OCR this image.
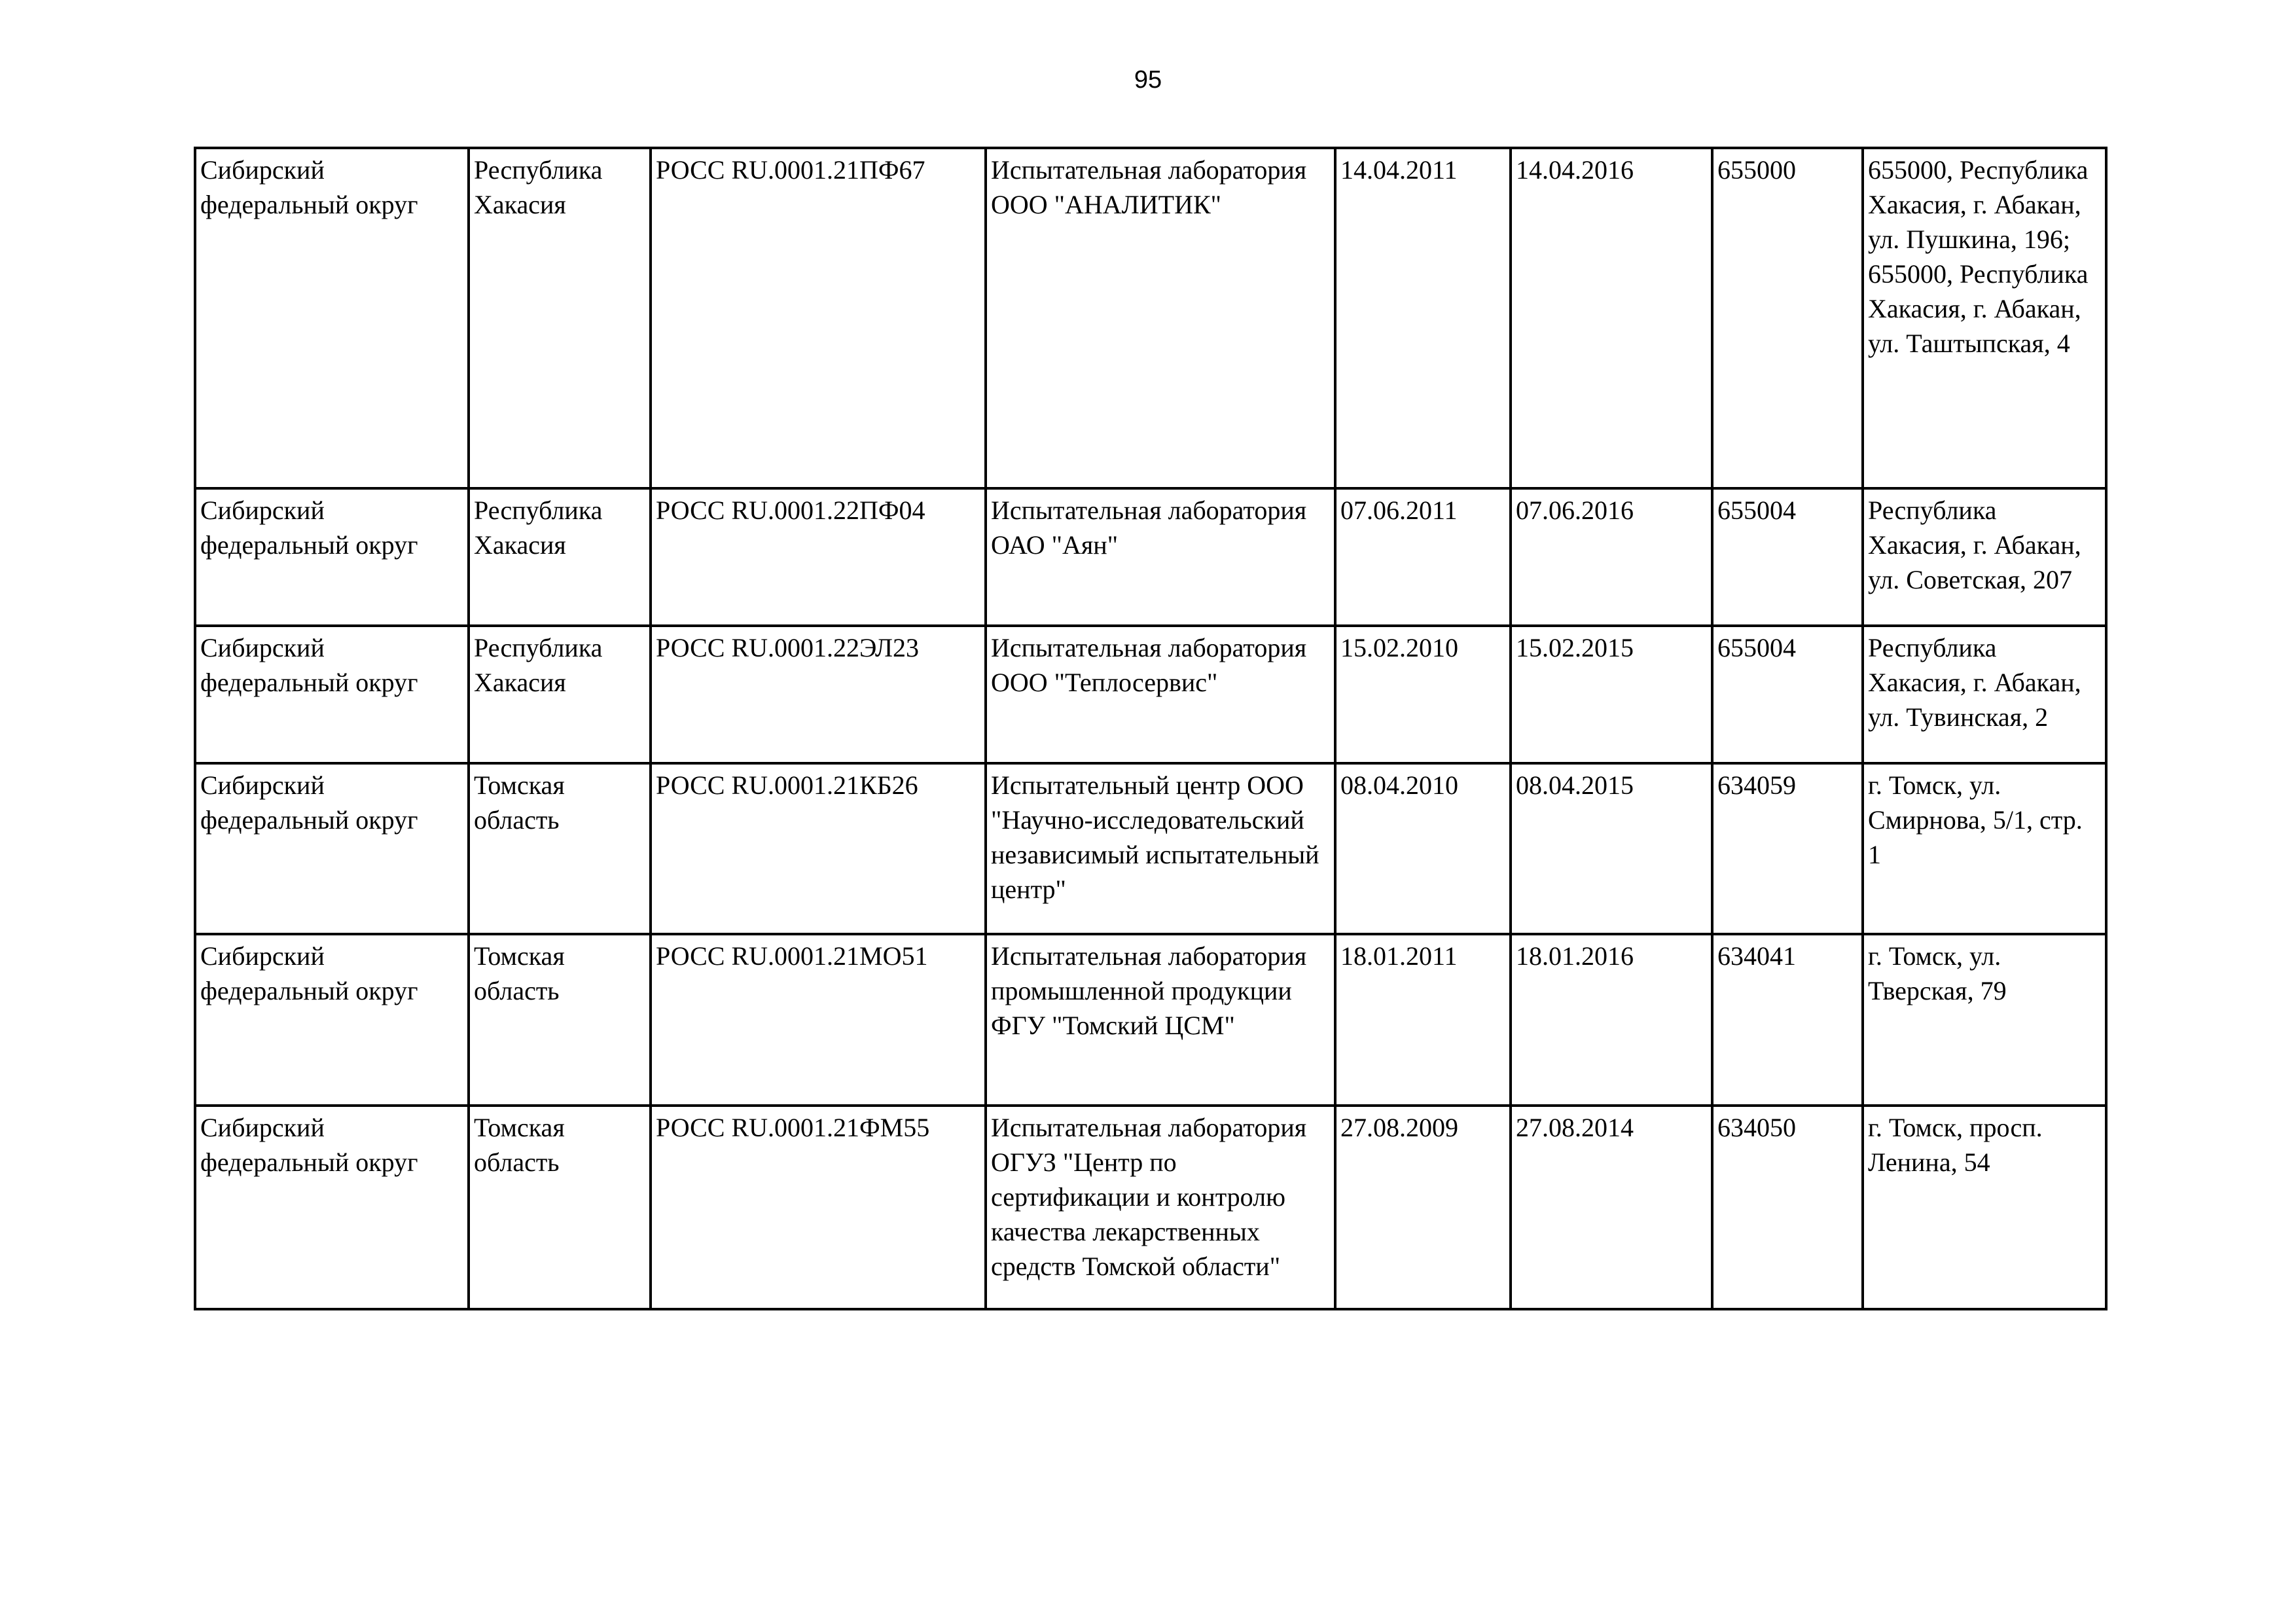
95
Сибирский федеральный округ	Республика Хакасия	РОСС RU.0001.21ПФ67	Испытательная лаборатория ООО "АНАЛИТИК"	14.04.2011	14.04.2016	655000	655000, Республика Хакасия, г. Абакан, ул. Пушкина, 196; 655000, Республика Хакасия, г. Абакан, ул. Таштыпская, 4
Сибирский федеральный округ	Республика Хакасия	РОСС RU.0001.22ПФ04	Испытательная лаборатория ОАО "Аян"	07.06.2011	07.06.2016	655004	Республика Хакасия, г. Абакан, ул. Советская, 207
Сибирский федеральный округ	Республика Хакасия	РОСС RU.0001.22ЭЛ23	Испытательная лаборатория ООО "Теплосервис"	15.02.2010	15.02.2015	655004	Республика Хакасия, г. Абакан, ул. Тувинская, 2
Сибирский федеральный округ	Томская область	РОСС RU.0001.21КБ26	Испытательный центр ООО "Научно-исследовательский независимый испытательный центр"	08.04.2010	08.04.2015	634059	г. Томск, ул. Смирнова, 5/1, стр. 1
Сибирский федеральный округ	Томская область	РОСС RU.0001.21МО51	Испытательная лаборатория промышленной продукции ФГУ "Томский ЦСМ"	18.01.2011	18.01.2016	634041	г. Томск, ул. Тверская, 79
Сибирский федеральный округ	Томская область	РОСС RU.0001.21ФМ55	Испытательная лаборатория ОГУЗ "Центр по сертификации и контролю качества лекарственных средств Томской области"	27.08.2009	27.08.2014	634050	г. Томск, просп. Ленина, 54
